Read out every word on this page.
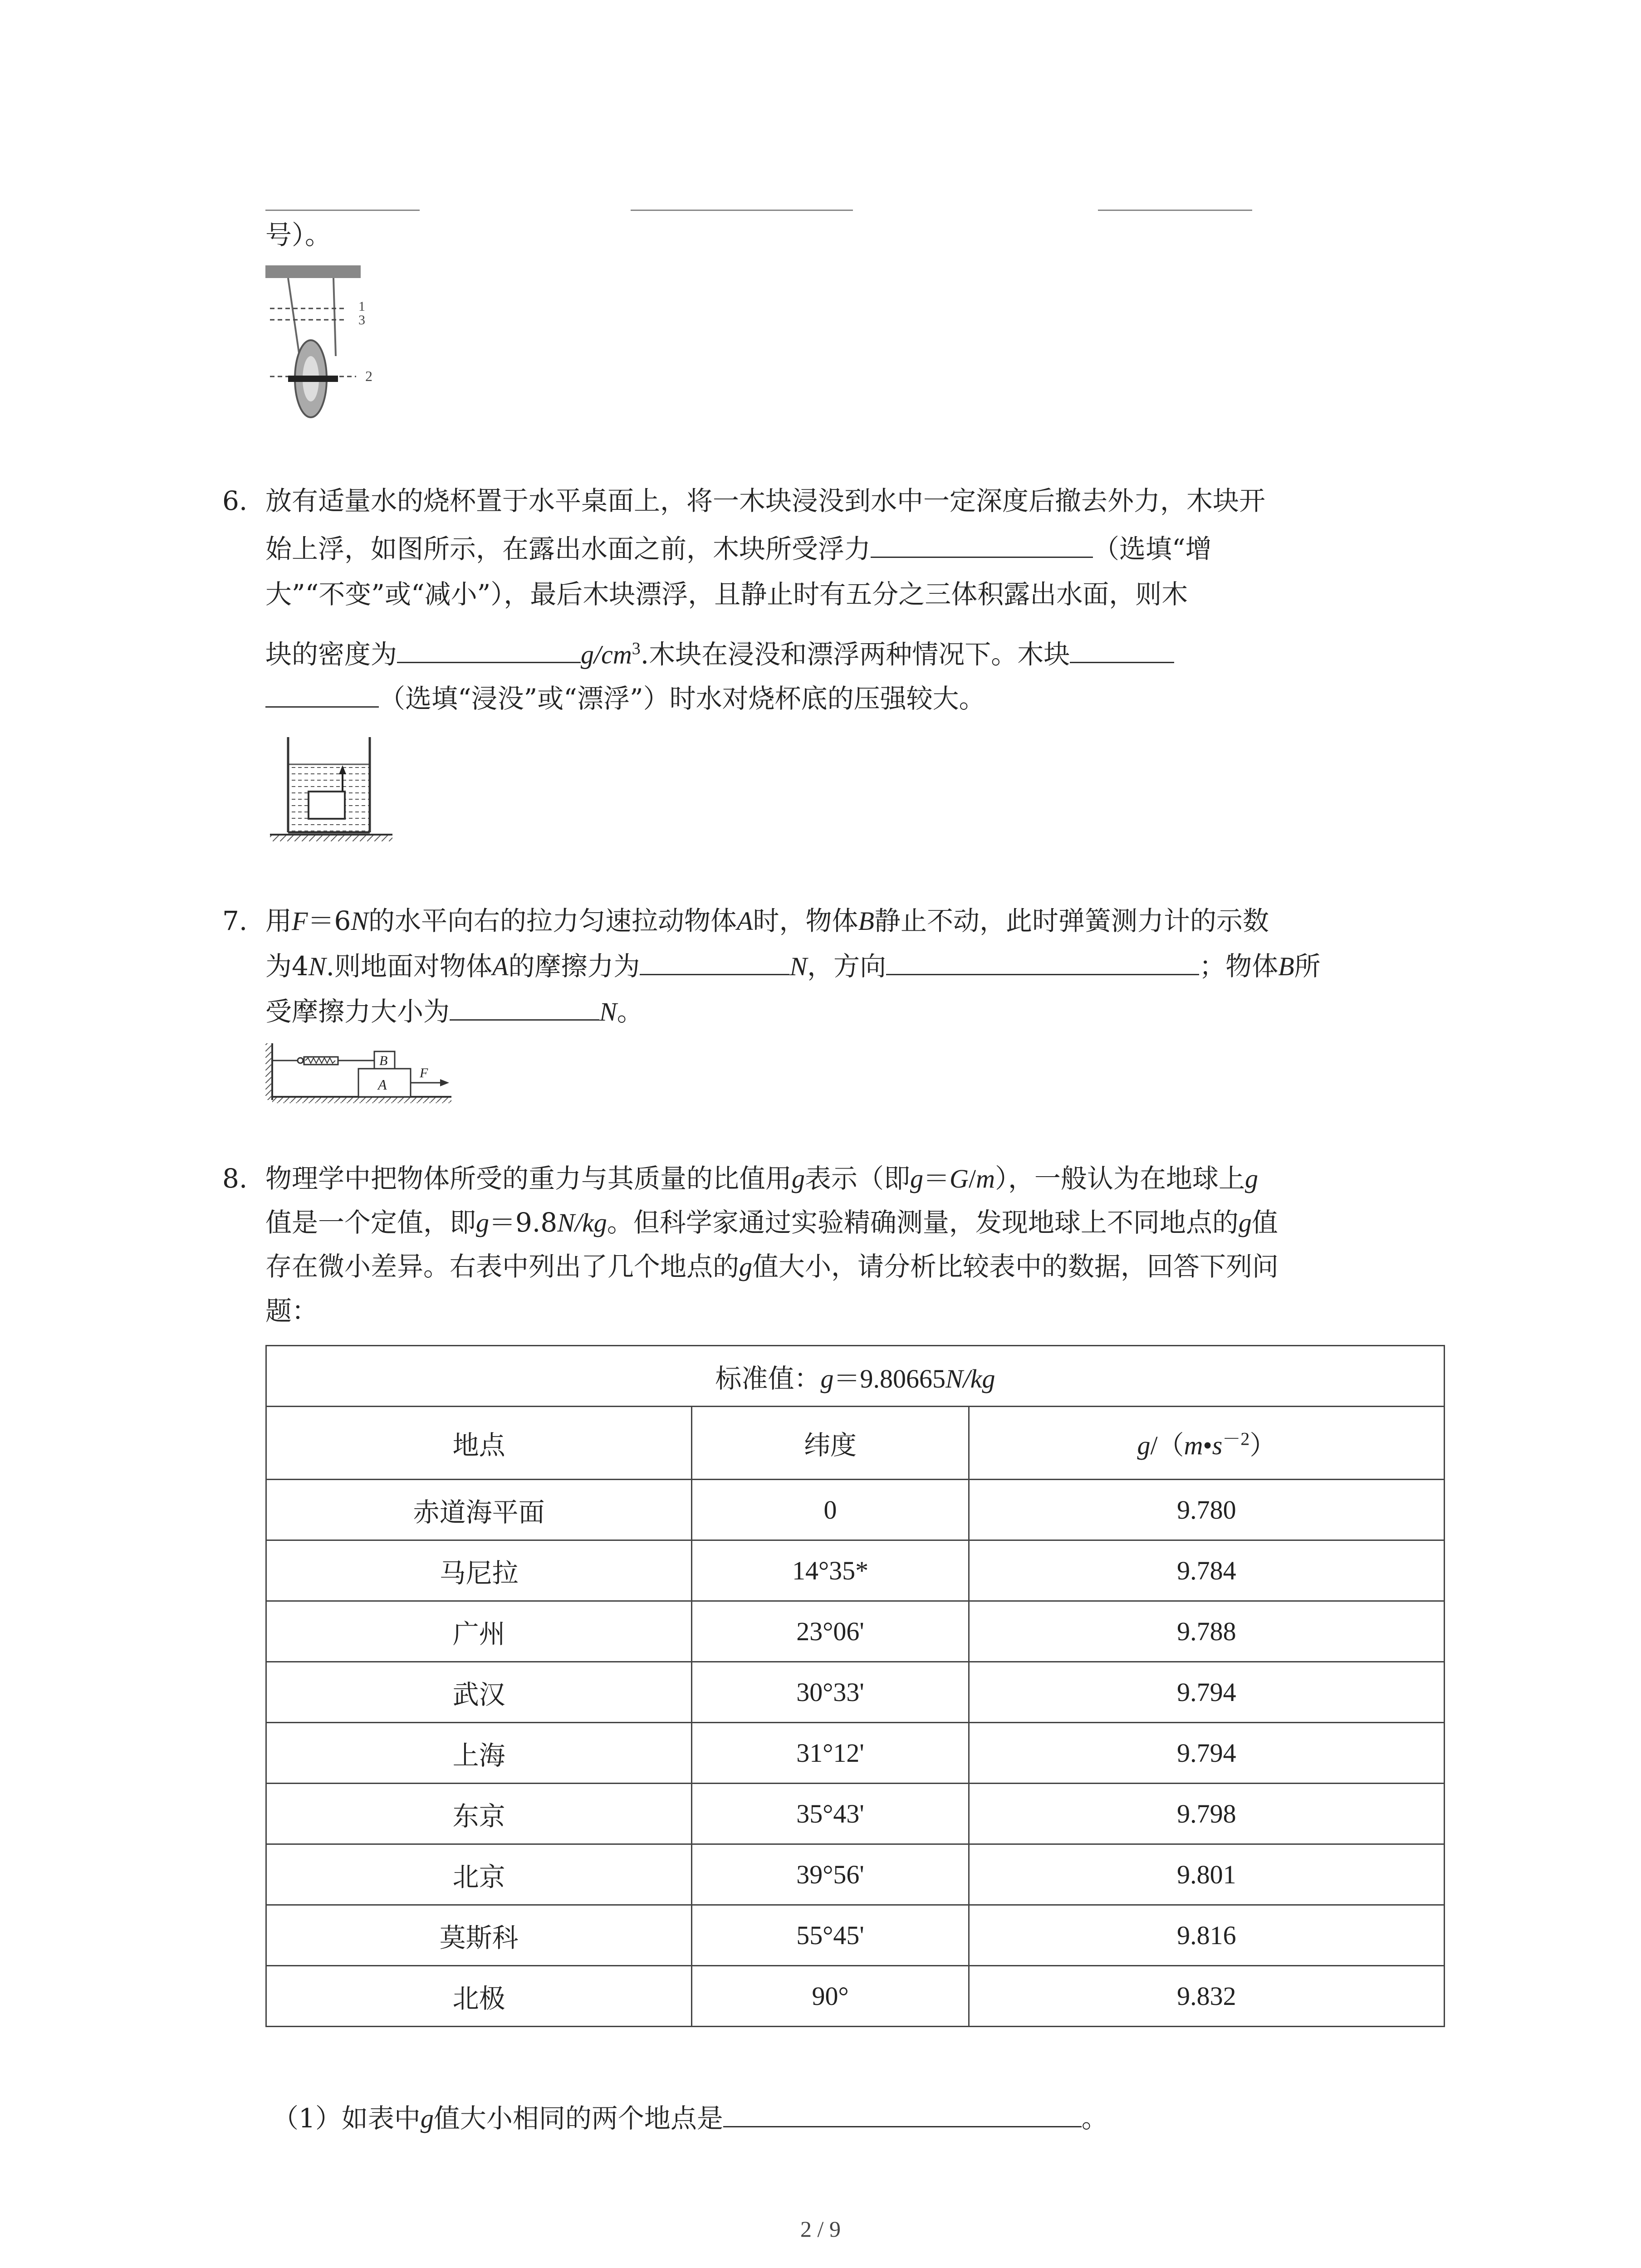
号）。
1
3
2
6. 放有适量水的烧杯置于水平桌面上，将一木块浸没到水中一定深度后撤去外力，木块开
始上浮，如图所示，在露出水面之前，木块所受浮力	（选填“增
大”“不变”或“减小”），最后木块漂浮，且静止时有五分之三体积露出水面，则木
块的密度为	$g/cm^3$.木块在浸没和漂浮两种情况下。木块
（选填“浸没”或“漂浮”）时水对烧杯底的压强较大。
7. 用F＝6N的水平向右的拉力匀速拉动物体A时，物体B静止不动，此时弹簧测力计的示数
为4N.则地面对物体A的摩擦力为	N，方向	；物体B所
受摩擦力大小为	N。
B
A
F
8. 物理学中把物体所受的重力与其质量的比值用g表示（即g＝G/m），一般认为在地球上g
值是一个定值，即g＝9.8N/kg。但科学家通过实验精确测量，发现地球上不同地点的g值
存在微小差异。右表中列出了几个地点的g值大小，请分析比较表中的数据，回答下列问
题：
标准值：g＝9.80665N/kg		
地点	纬度	$g/(m•s^{-2})$
赤道海平面	0	9.780
马尼拉	14°35*	9.784
广州	23°06'	9.788
武汉	30°33'	9.794
上海	31°12'	9.794
东京	35°43'	9.798
北京	39°56'	9.801
莫斯科	55°45'	9.816
北极	90°	9.832
（1）如表中g值大小相同的两个地点是	。
2 / 9
